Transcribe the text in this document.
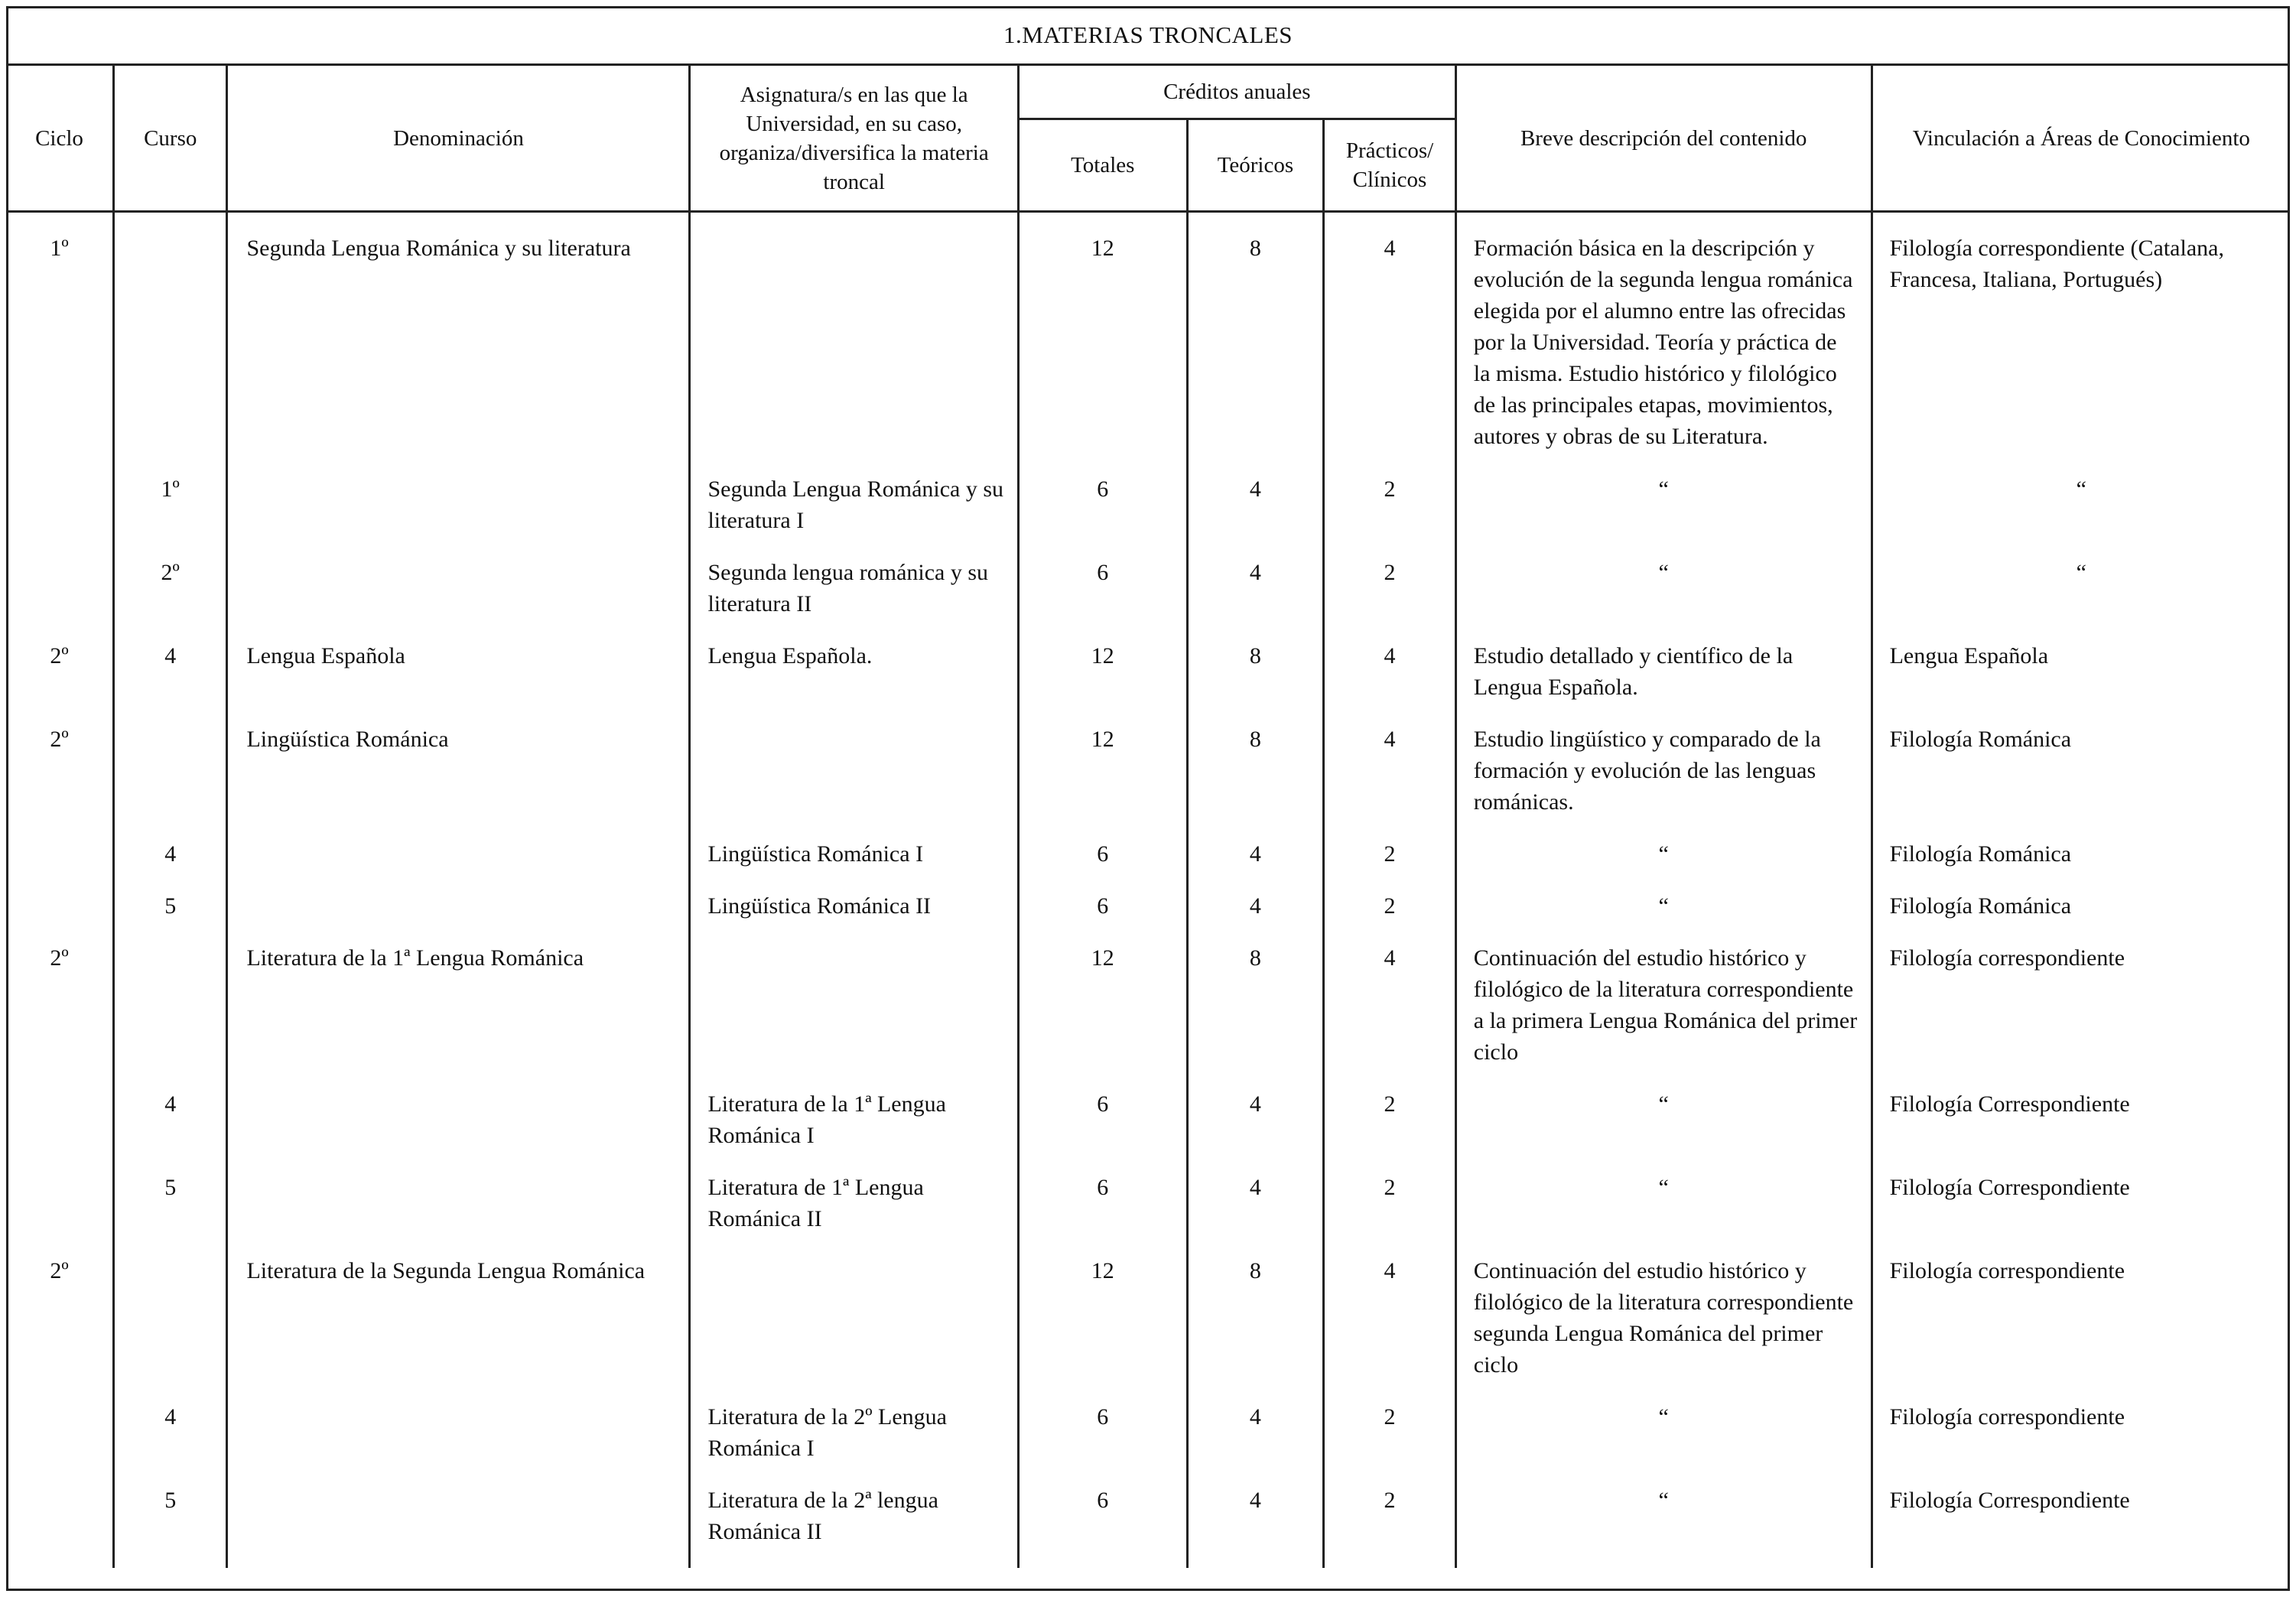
1.MATERIAS TRONCALES								
Ciclo	Curso	Denominación	Asignatura/s en las que la Universidad, en su caso, organiza/diversifica la materia troncal	Créditos anuales			Breve descripción del contenido	Vinculación a Áreas de Conocimiento
				Totales	Teóricos	Prácticos/ Clínicos		

1º		Segunda Lengua Románica y su literatura		12	8	4	Formación básica en la descripción y evolución de la segunda lengua románica elegida por el alumno entre las ofrecidas por la Universidad. Teoría y práctica de la misma. Estudio histórico y filológico de las principales etapas, movimientos, autores y obras de su Literatura.	Filología correspondiente (Catalana, Francesa, Italiana, Portugués)
	1º		Segunda Lengua Románica y su literatura I	6	4	2	“	“
	2º		Segunda lengua románica y su literatura II	6	4	2	“	“
2º	4	Lengua Española	Lengua Española.	12	8	4	Estudio detallado y científico de la Lengua Española.	Lengua Española
2º		Lingüística Románica		12	8	4	Estudio lingüístico y comparado de la formación y evolución de las lenguas románicas.	Filología Románica
	4		Lingüística Románica I	6	4	2	“	Filología Románica
	5		Lingüística Románica II	6	4	2	“	Filología Románica
2º		Literatura de la 1ª Lengua Románica		12	8	4	Continuación del estudio histórico y filológico de la literatura correspondiente a la primera Lengua Románica del primer ciclo	Filología correspondiente
	4		Literatura de la 1ª Lengua Románica I	6	4	2	“	Filología Correspondiente
	5		Literatura de 1ª Lengua Románica II	6	4	2	“	Filología Correspondiente
2º		Literatura de la Segunda Lengua Románica		12	8	4	Continuación del estudio histórico y filológico de la literatura correspondiente segunda Lengua Románica del primer ciclo	Filología correspondiente
	4		Literatura de la 2º Lengua Románica I	6	4	2	“	Filología correspondiente
	5		Literatura de la 2ª lengua Románica II	6	4	2	“	Filología Correspondiente
